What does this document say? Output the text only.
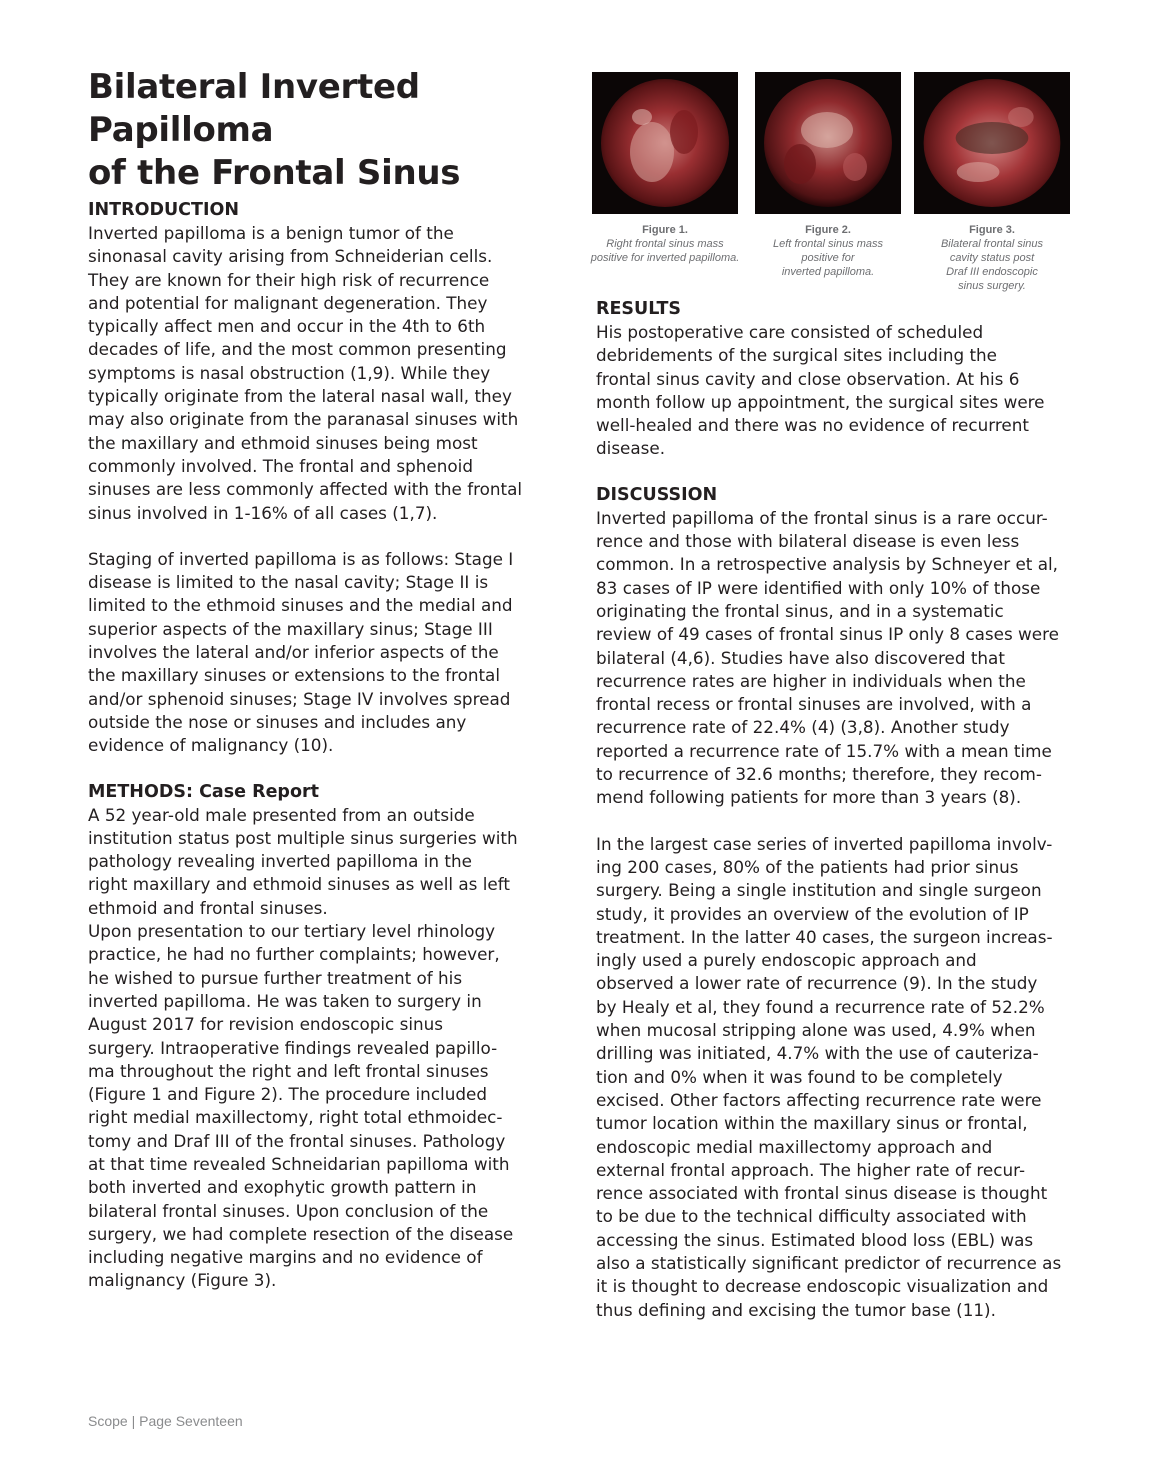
Bilateral Inverted Papilloma
of the Frontal Sinus
INTRODUCTION
Inverted papilloma is a benign tumor of the
sinonasal cavity arising from Schneiderian cells.
They are known for their high risk of recurrence
and potential for malignant degeneration. They
typically affect men and occur in the 4th to 6th
decades of life, and the most common presenting
symptoms is nasal obstruction (1,9). While they
typically originate from the lateral nasal wall, they
may also originate from the paranasal sinuses with
the maxillary and ethmoid sinuses being most
commonly involved. The frontal and sphenoid
sinuses are less commonly affected with the frontal
sinus involved in 1-16% of all cases (1,7).
Staging of inverted papilloma is as follows: Stage I
disease is limited to the nasal cavity; Stage II is
limited to the ethmoid sinuses and the medial and
superior aspects of the maxillary sinus; Stage III
involves the lateral and/or inferior aspects of the
the maxillary sinuses or extensions to the frontal
and/or sphenoid sinuses; Stage IV involves spread
outside the nose or sinuses and includes any
evidence of malignancy (10).
METHODS: Case Report
A 52 year-old male presented from an outside
institution status post multiple sinus surgeries with
pathology revealing inverted papilloma in the
right maxillary and ethmoid sinuses as well as left
ethmoid and frontal sinuses.
Upon presentation to our tertiary level rhinology
practice, he had no further complaints; however,
he wished to pursue further treatment of his
inverted papilloma. He was taken to surgery in
August 2017 for revision endoscopic sinus
surgery. Intraoperative findings revealed papillo-
ma throughout the right and left frontal sinuses
(Figure 1 and Figure 2). The procedure included
right medial maxillectomy, right total ethmoidec-
tomy and Draf III of the frontal sinuses. Pathology
at that time revealed Schneidarian papilloma with
both inverted and exophytic growth pattern in
bilateral frontal sinuses. Upon conclusion of the
surgery, we had complete resection of the disease
including negative margins and no evidence of
malignancy (Figure 3).
Figure 1.
Right frontal sinus mass
positive for inverted papilloma.
Figure 2.
Left frontal sinus mass
positive for
inverted papilloma.
Figure 3.
Bilateral frontal sinus
cavity status post
Draf III endoscopic
sinus surgery.
RESULTS
His postoperative care consisted of scheduled
debridements of the surgical sites including the
frontal sinus cavity and close observation. At his 6
month follow up appointment, the surgical sites were
well-healed and there was no evidence of recurrent
disease.
DISCUSSION
Inverted papilloma of the frontal sinus is a rare occur-
rence and those with bilateral disease is even less
common. In a retrospective analysis by Schneyer et al,
83 cases of IP were identified with only 10% of those
originating the frontal sinus, and in a systematic
review of 49 cases of frontal sinus IP only 8 cases were
bilateral (4,6). Studies have also discovered that
recurrence rates are higher in individuals when the
frontal recess or frontal sinuses are involved, with a
recurrence rate of 22.4% (4) (3,8). Another study
reported a recurrence rate of 15.7% with a mean time
to recurrence of 32.6 months; therefore, they recom-
mend following patients for more than 3 years (8).
In the largest case series of inverted papilloma involv-
ing 200 cases, 80% of the patients had prior sinus
surgery. Being a single institution and single surgeon
study, it provides an overview of the evolution of IP
treatment. In the latter 40 cases, the surgeon increas-
ingly used a purely endoscopic approach and
observed a lower rate of recurrence (9). In the study
by Healy et al, they found a recurrence rate of 52.2%
when mucosal stripping alone was used, 4.9% when
drilling was initiated, 4.7% with the use of cauteriza-
tion and 0% when it was found to be completely
excised. Other factors affecting recurrence rate were
tumor location within the maxillary sinus or frontal,
endoscopic medial maxillectomy approach and
external frontal approach. The higher rate of recur-
rence associated with frontal sinus disease is thought
to be due to the technical difficulty associated with
accessing the sinus. Estimated blood loss (EBL) was
also a statistically significant predictor of recurrence as
it is thought to decrease endoscopic visualization and
thus defining and excising the tumor base (11).
Scope | Page Seventeen
